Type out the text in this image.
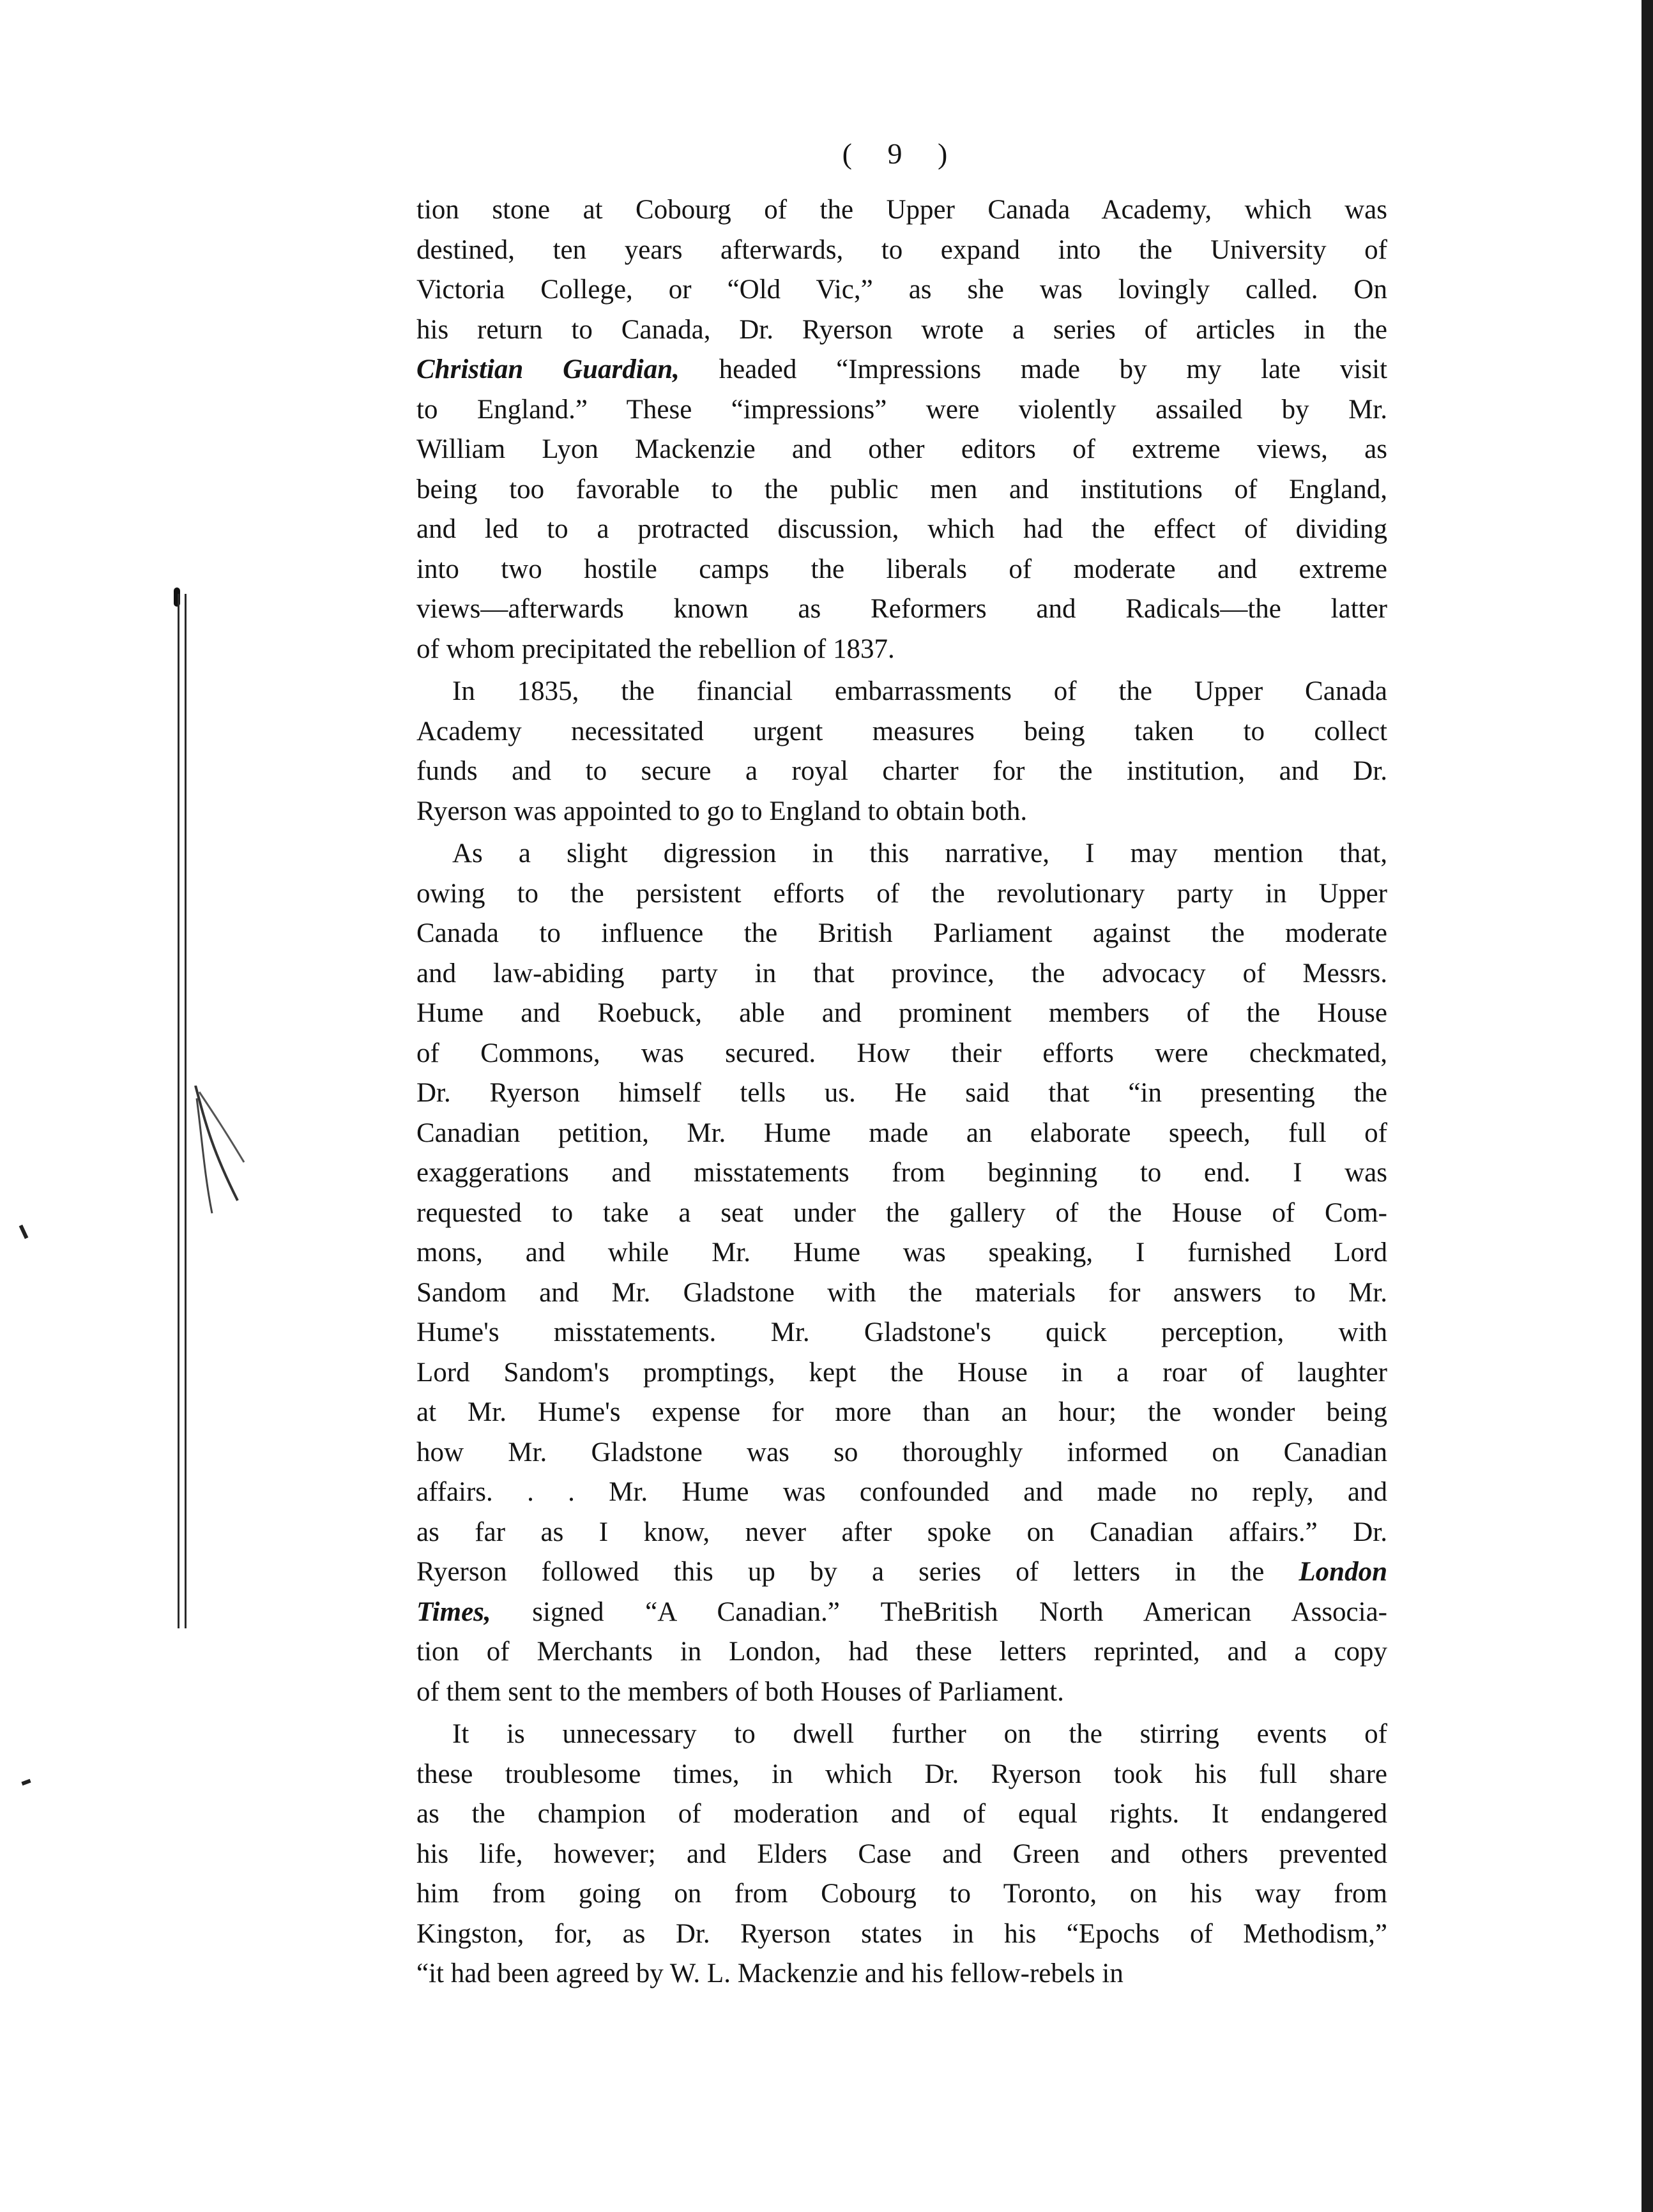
( 9 )
tion stone at Cobourg of the Upper Canada Academy, which was
destined, ten years afterwards, to expand into the University of
Victoria College, or “Old Vic,” as she was lovingly called. On
his return to Canada, Dr. Ryerson wrote a series of articles in the
Christian Guardian, headed “Impressions made by my late visit
to England.” These “impressions” were violently assailed by Mr.
William Lyon Mackenzie and other editors of extreme views, as
being too favorable to the public men and institutions of England,
and led to a protracted discussion, which had the effect of dividing
into two hostile camps the liberals of moderate and extreme
views—afterwards known as Reformers and Radicals—the latter
of whom precipitated the rebellion of 1837.
In 1835, the financial embarrassments of the Upper Canada
Academy necessitated urgent measures being taken to collect
funds and to secure a royal charter for the institution, and Dr.
Ryerson was appointed to go to England to obtain both.
As a slight digression in this narrative, I may mention that,
owing to the persistent efforts of the revolutionary party in Upper
Canada to influence the British Parliament against the moderate
and law-abiding party in that province, the advocacy of Messrs.
Hume and Roebuck, able and prominent members of the House
of Commons, was secured. How their efforts were checkmated,
Dr. Ryerson himself tells us. He said that “in presenting the
Canadian petition, Mr. Hume made an elaborate speech, full of
exaggerations and misstatements from beginning to end. I was
requested to take a seat under the gallery of the House of Com-
mons, and while Mr. Hume was speaking, I furnished Lord
Sandom and Mr. Gladstone with the materials for answers to Mr.
Hume's misstatements. Mr. Gladstone's quick perception, with
Lord Sandom's promptings, kept the House in a roar of laughter
at Mr. Hume's expense for more than an hour; the wonder being
how Mr. Gladstone was so thoroughly informed on Canadian
affairs. . . Mr. Hume was confounded and made no reply, and
as far as I know, never after spoke on Canadian affairs.” Dr.
Ryerson followed this up by a series of letters in the London
Times, signed “A Canadian.” TheBritish North American Associa-
tion of Merchants in London, had these letters reprinted, and a copy
of them sent to the members of both Houses of Parliament.
It is unnecessary to dwell further on the stirring events of
these troublesome times, in which Dr. Ryerson took his full share
as the champion of moderation and of equal rights. It endangered
his life, however; and Elders Case and Green and others prevented
him from going on from Cobourg to Toronto, on his way from
Kingston, for, as Dr. Ryerson states in his “Epochs of Methodism,”
“it had been agreed by W. L. Mackenzie and his fellow-rebels in
